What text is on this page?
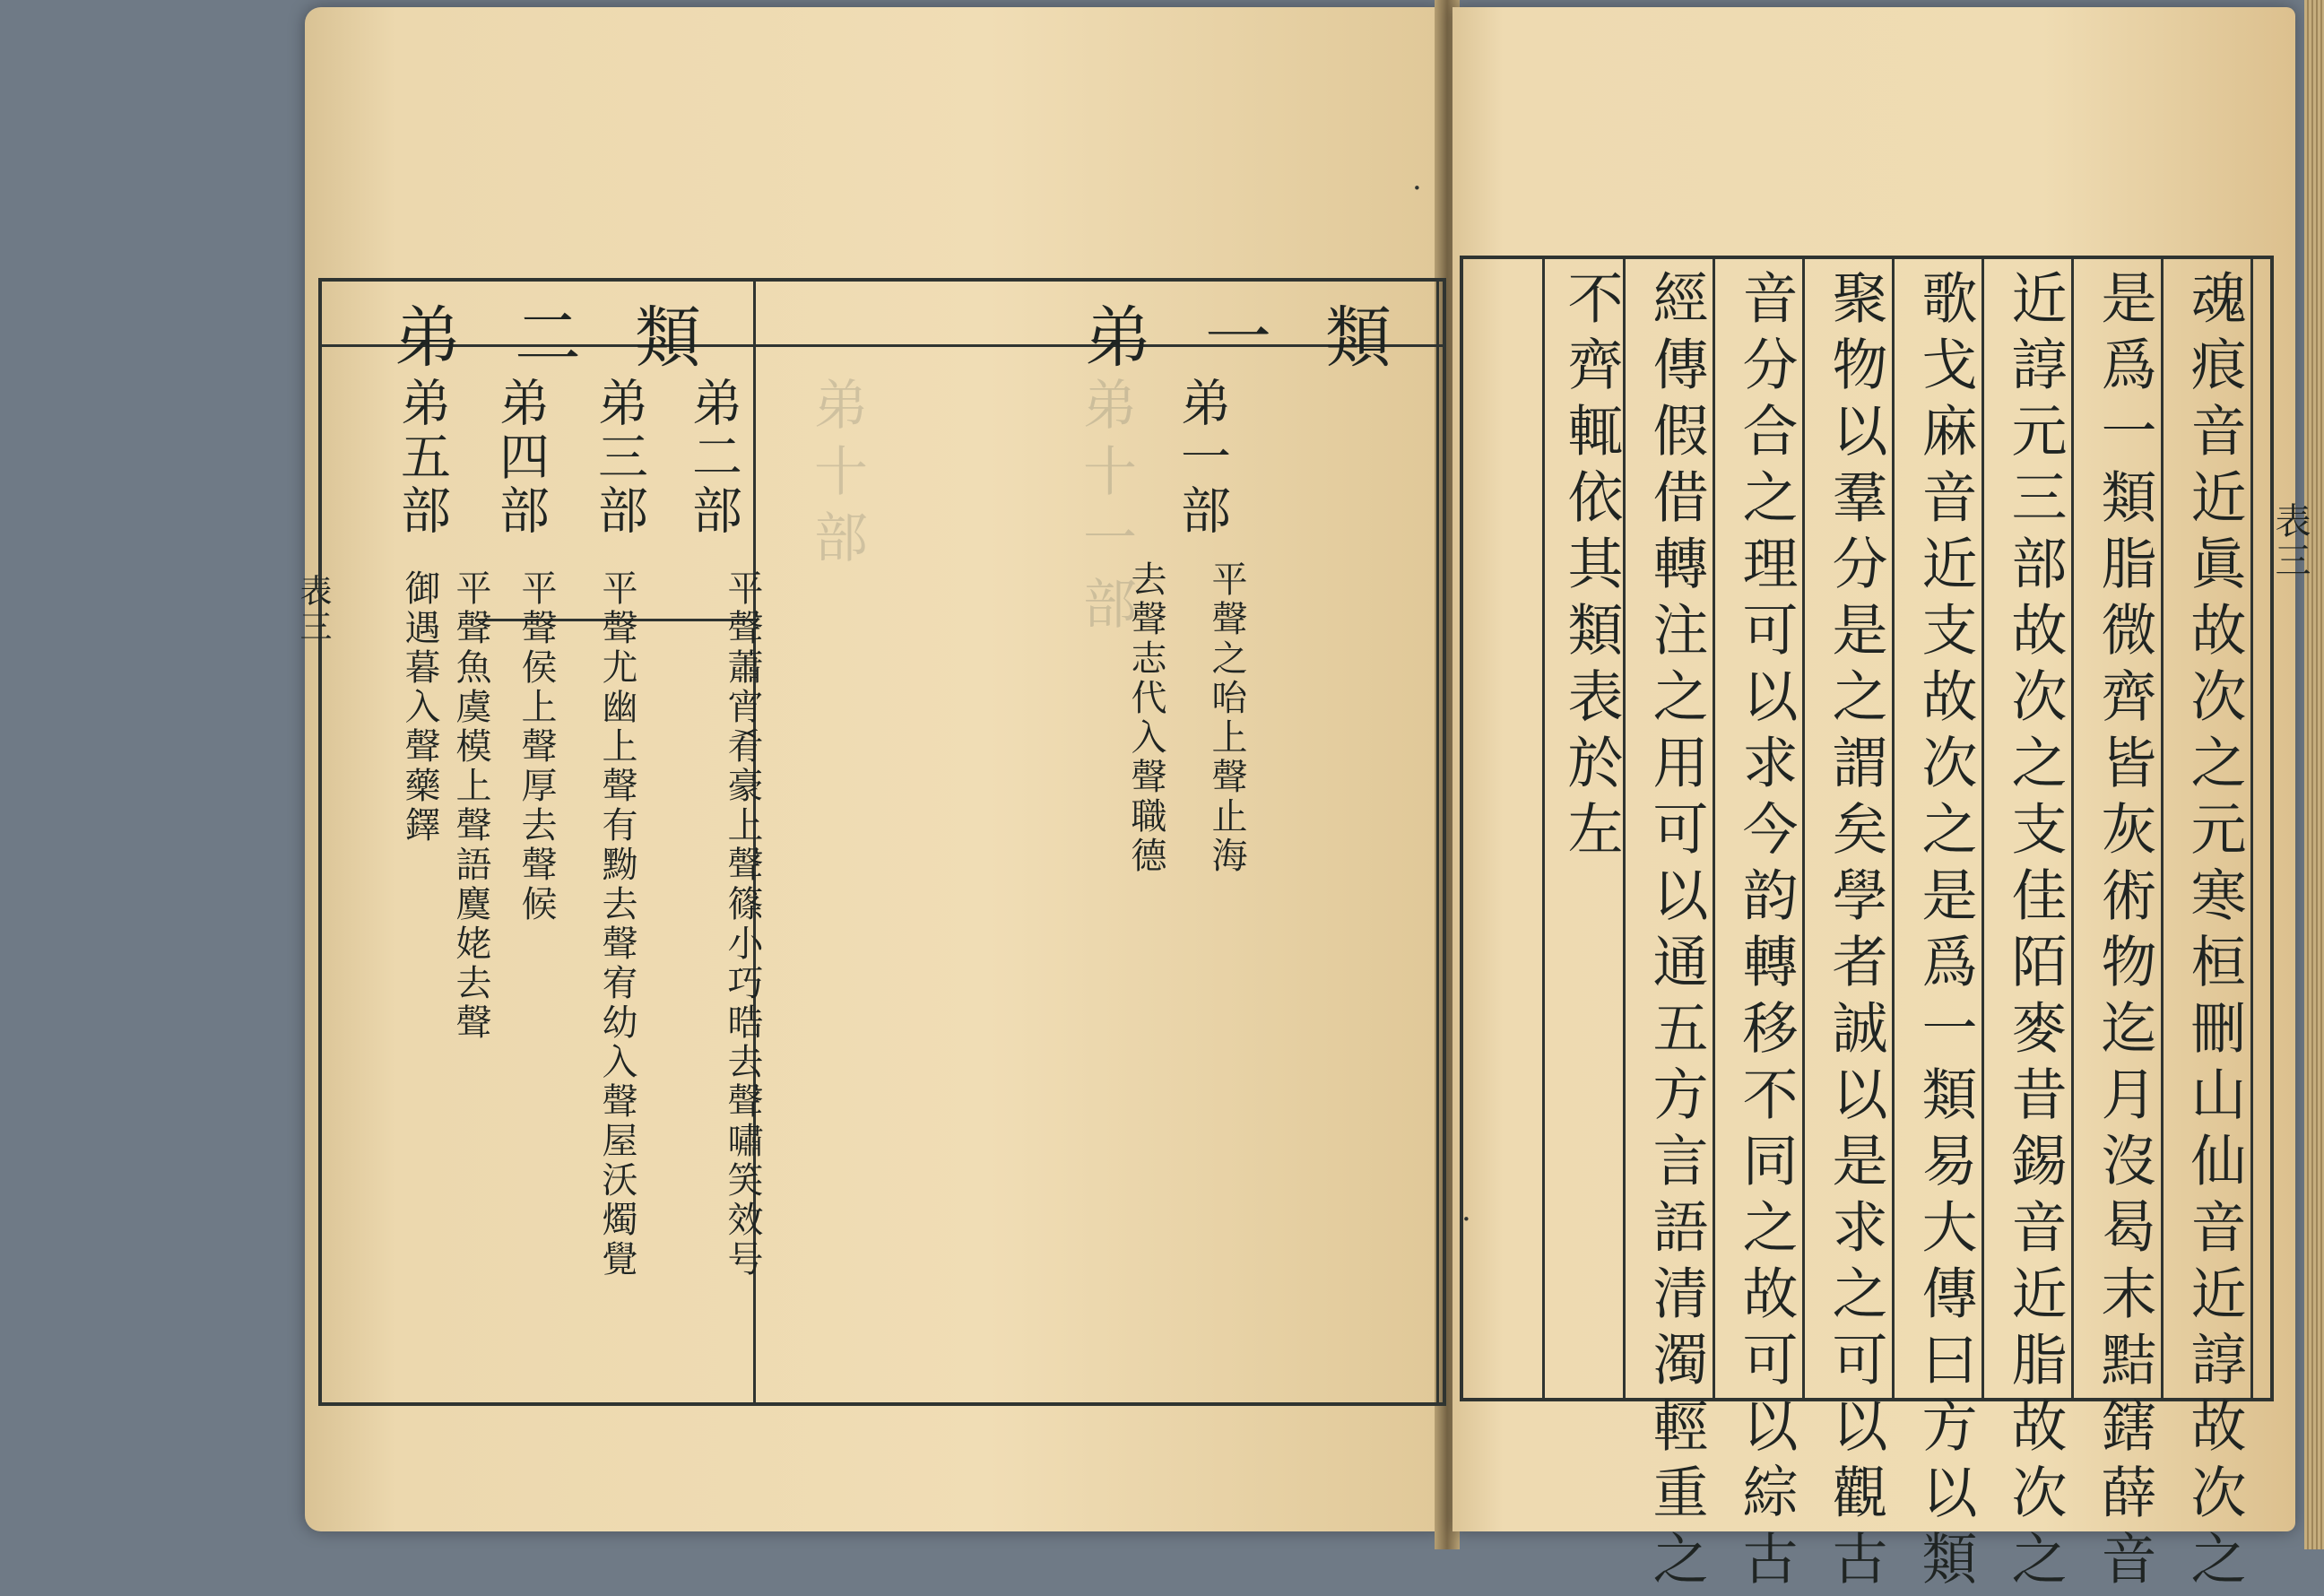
弟十一部
弟十部
弟一類
弟二類
弟一部
平聲之咍上聲止海
去聲志代入聲職德
弟二部
平聲蕭宵肴豪上聲篠小巧晧去聲嘯笑效号
弟三部
平聲尤幽上聲有黝去聲宥幼入聲屋沃燭覺
弟四部
平聲侯上聲厚去聲候
弟五部
平聲魚虞模上聲語麌姥去聲御遇暮入聲藥鐸
表三	魂痕音近眞故次之元寒桓刪山仙音近諄故次之
是爲一類脂微齊皆灰術物迄月沒曷末黠鎋薛音
近諄元三部故次之支佳陌麥昔錫音近脂故次之
歌戈麻音近支故次之是爲一類易大傳曰方以類
聚物以羣分是之謂矣學者誠以是求之可以觀古
音分合之理可以求今韵轉移不同之故可以綜古
經傳假借轉注之用可以通五方言語清濁輕重之
不齊輒依其類表於左	表三
·
·
